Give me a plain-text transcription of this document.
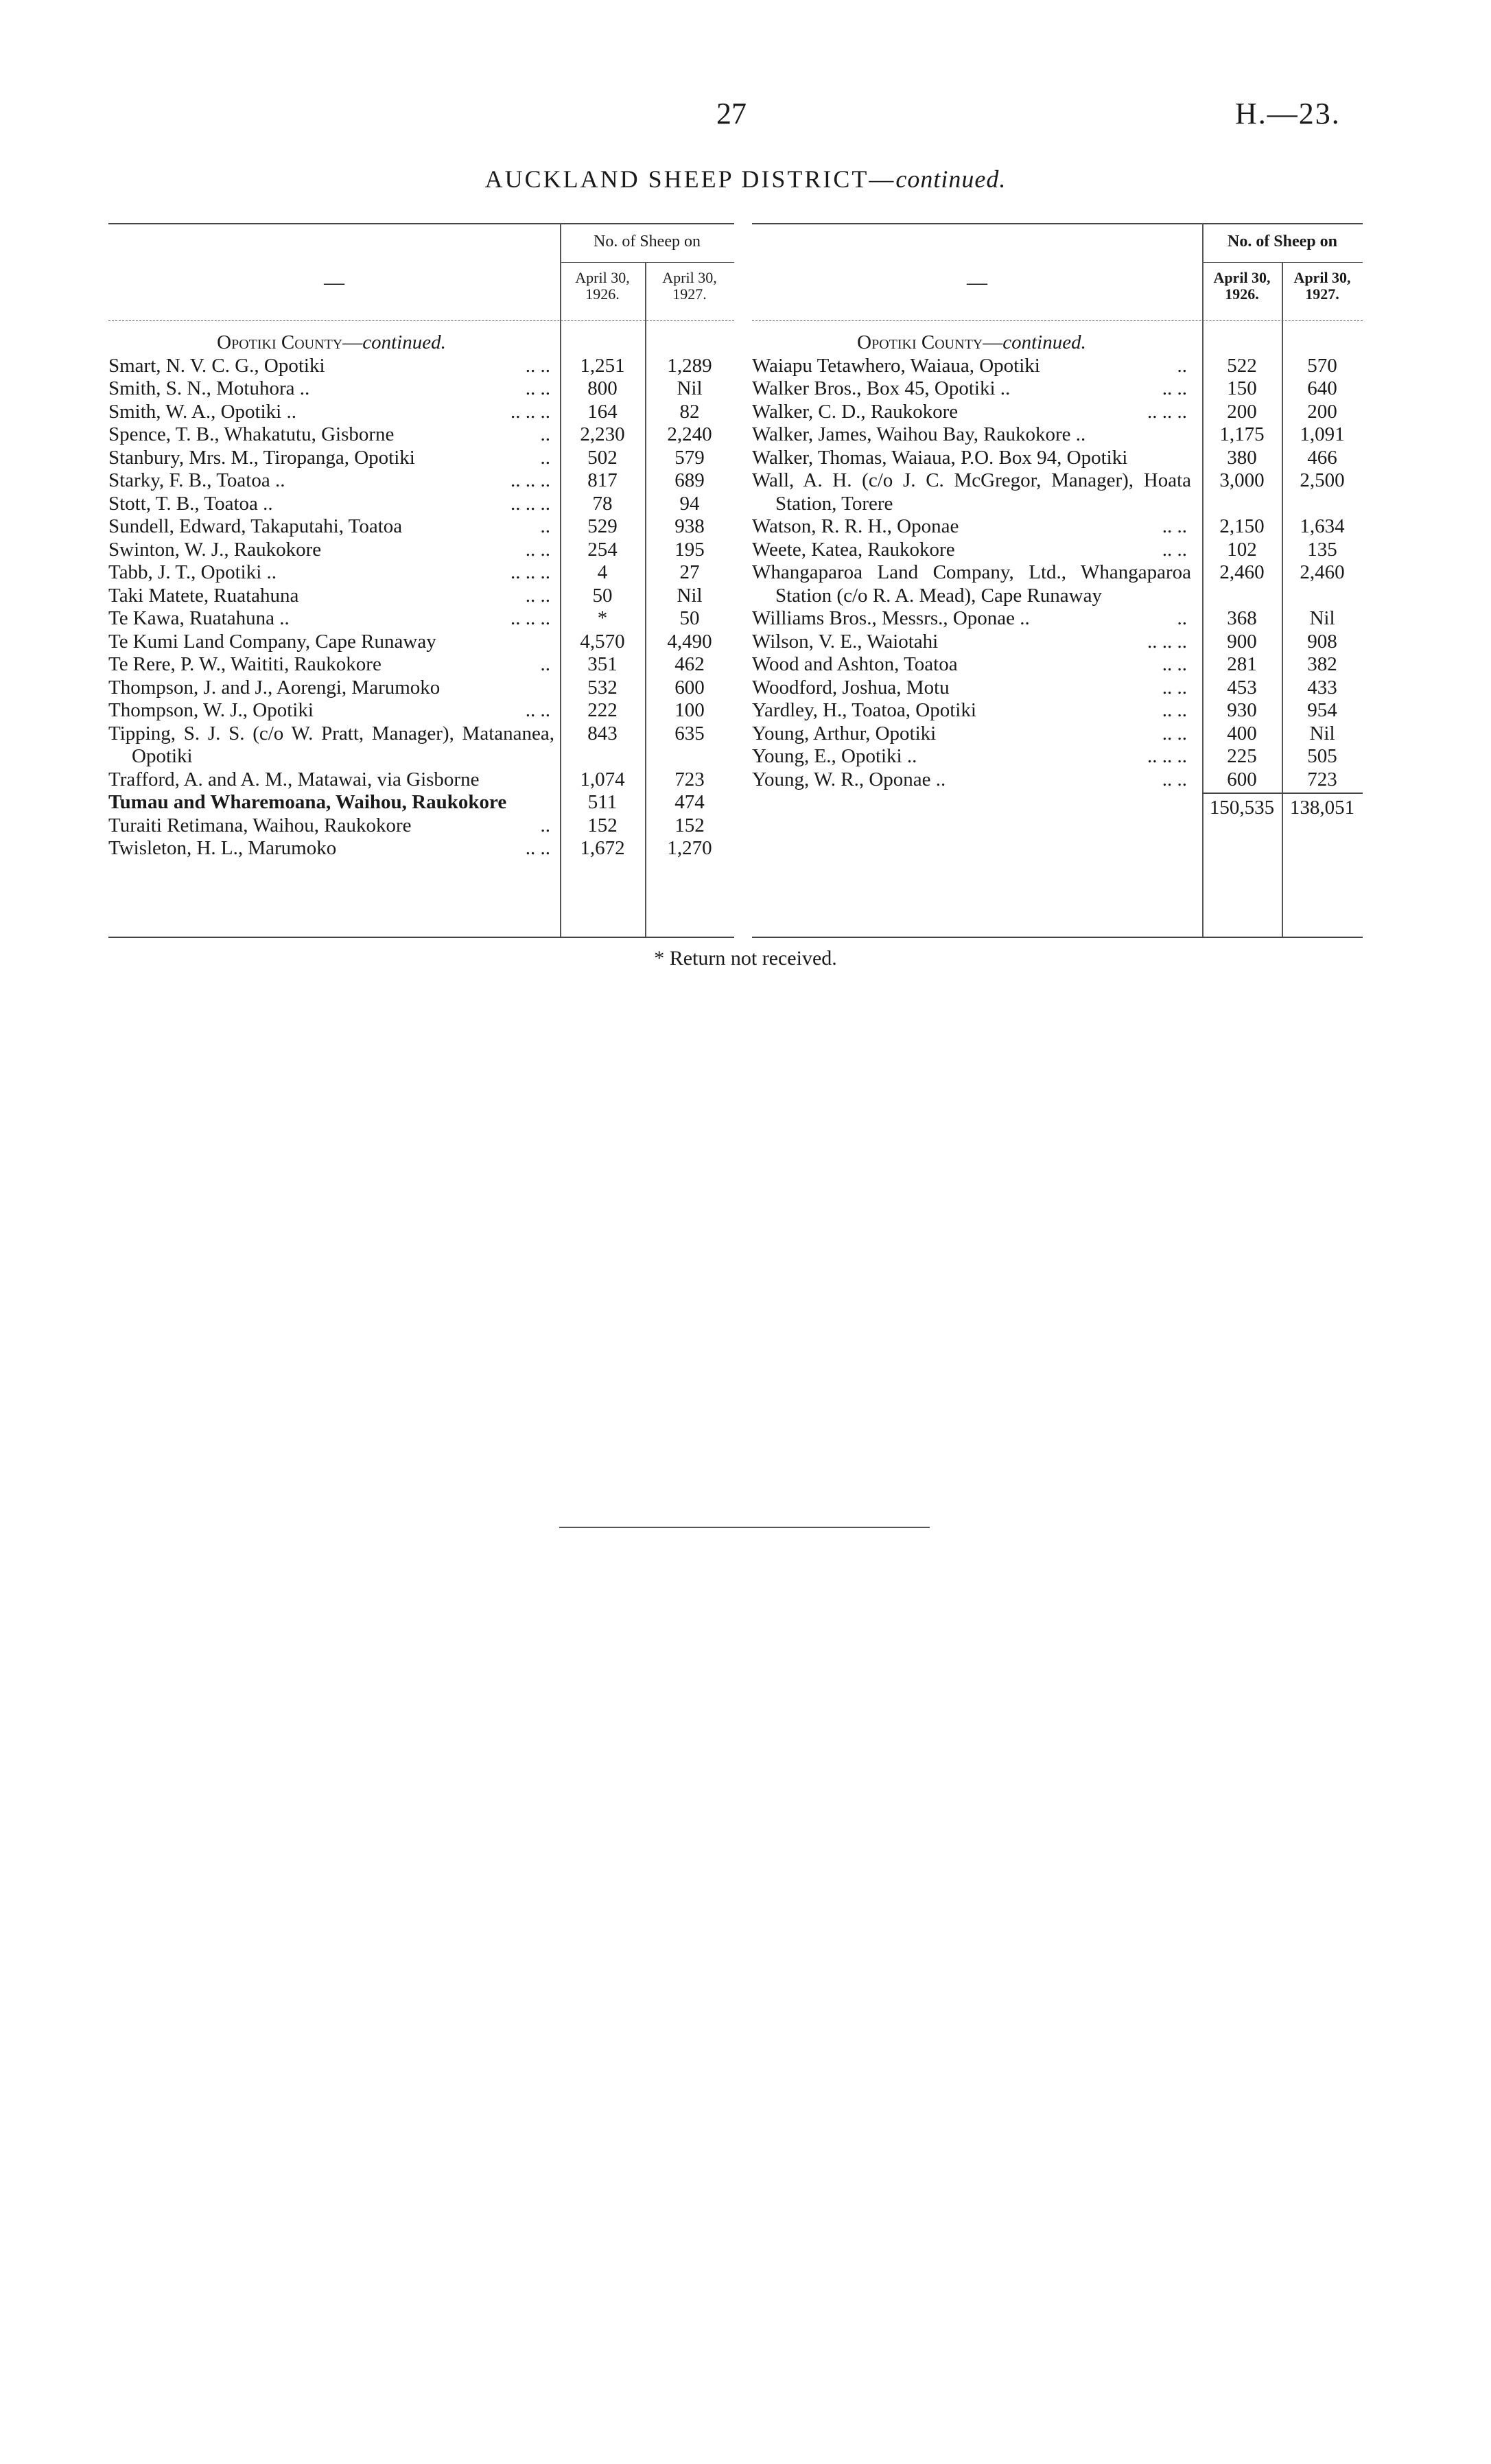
27	H.—23.
AUCKLAND SHEEP DISTRICT—continued.
—
No. of Sheep on
April 30,
1926.
April 30,
1927.
Opotiki County—continued.
Smart, N. V. C. G., Opotiki	.. ..	1,251	1,289
Smith, S. N., Motuhora ..	.. ..	800	Nil
Smith, W. A., Opotiki ..	.. .. ..	164	82
Spence, T. B., Whakatutu, Gisborne	..	2,230	2,240
Stanbury, Mrs. M., Tiropanga, Opotiki	..	502	579
Starky, F. B., Toatoa ..	.. .. ..	817	689
Stott, T. B., Toatoa ..	.. .. ..	78	94
Sundell, Edward, Takaputahi, Toatoa	..	529	938
Swinton, W. J., Raukokore	.. ..	254	195
Tabb, J. T., Opotiki ..	.. .. ..	4	27
Taki Matete, Ruatahuna	.. ..	50	Nil
Te Kawa, Ruatahuna ..	.. .. ..	*	50
Te Kumi Land Company, Cape Runaway	4,570	4,490
Te Rere, P. W., Waititi, Raukokore	..	351	462
Thompson, J. and J., Aorengi, Marumoko	532	600
Thompson, W. J., Opotiki	.. ..	222	100
Tipping, S. J. S. (c/o W. Pratt, Manager), Matananea, Opotiki
843	635
Trafford, A. and A. M., Matawai, via Gisborne	1,074	723
Tumau and Wharemoana, Waihou, Raukokore	511	474
Turaiti Retimana, Waihou, Raukokore	..	152	152
Twisleton, H. L., Marumoko	.. ..	1,672	1,270
—
No. of Sheep on
April 30,
1926.
April 30,
1927.
Opotiki County—continued.
Waiapu Tetawhero, Waiaua, Opotiki	..	522	570
Walker Bros., Box 45, Opotiki ..	.. ..	150	640
Walker, C. D., Raukokore	.. .. ..	200	200
Walker, James, Waihou Bay, Raukokore ..	1,175	1,091
Walker, Thomas, Waiaua, P.O. Box 94, Opotiki	380	466
Wall, A. H. (c/o J. C. McGregor, Manager), Hoata Station, Torere
3,000	2,500
Watson, R. R. H., Oponae	.. ..	2,150	1,634
Weete, Katea, Raukokore	.. ..	102	135
Whangaparoa Land Company, Ltd., Whangaparoa Station (c/o R. A. Mead), Cape Runaway
2,460	2,460
Williams Bros., Messrs., Oponae ..	..	368	Nil
Wilson, V. E., Waiotahi	.. .. ..	900	908
Wood and Ashton, Toatoa	.. ..	281	382
Woodford, Joshua, Motu	.. ..	453	433
Yardley, H., Toatoa, Opotiki	.. ..	930	954
Young, Arthur, Opotiki	.. ..	400	Nil
Young, E., Opotiki ..	.. .. ..	225	505
Young, W. R., Oponae ..	.. ..	600	723

150,535 138,051
* Return not received.
